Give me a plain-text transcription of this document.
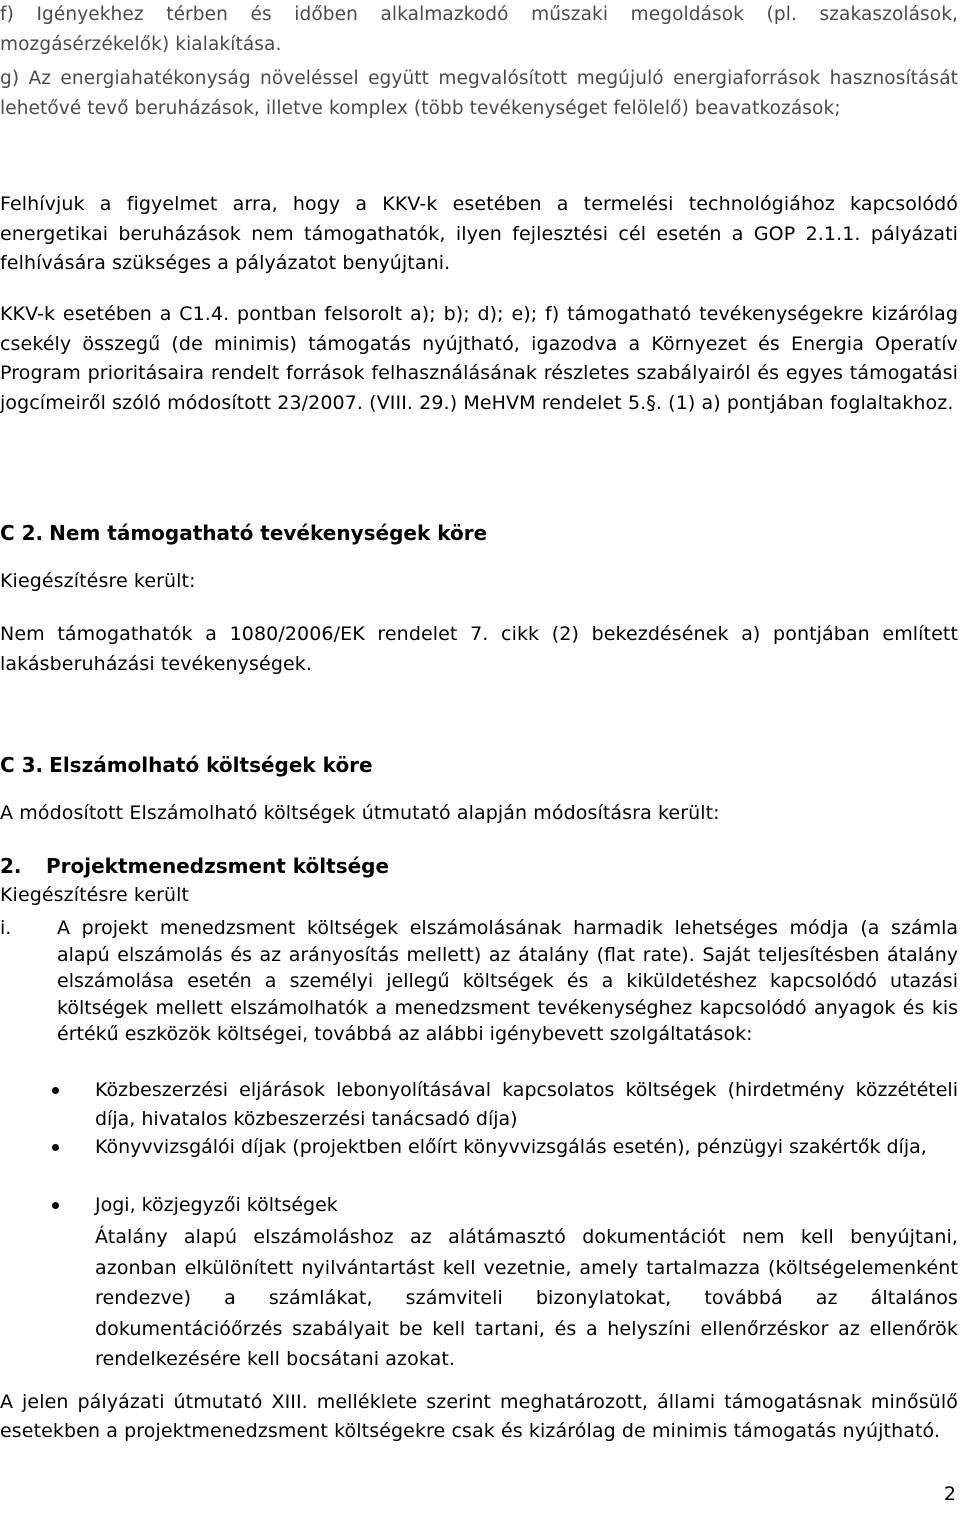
f) Igényekhez térben és időben alkalmazkodó műszaki megoldások (pl. szakaszolások, mozgásérzékelők) kialakítása.

g) Az energiahatékonyság növeléssel együtt megvalósított megújuló energiaforrások hasznosítását lehetővé tevő beruházások, illetve komplex (több tevékenységet felölelő) beavatkozások;

Felhívjuk a figyelmet arra, hogy a KKV-k esetében a termelési technológiához kapcsolódó energetikai beruházások nem támogathatók, ilyen fejlesztési cél esetén a GOP 2.1.1. pályázati felhívására szükséges a pályázatot benyújtani.

KKV-k esetében a C1.4. pontban felsorolt a); b); d); e); f) támogatható tevékenységekre kizárólag csekély összegű (de minimis) támogatás nyújtható, igazodva a Környezet és Energia Operatív Program prioritásaira rendelt források felhasználásának részletes szabályairól és egyes támogatási jogcímeiről szóló módosított 23/2007. (VIII. 29.) MeHVM rendelet 5.§. (1) a) pontjában foglaltakhoz.

C 2. Nem támogatható tevékenységek köre

Kiegészítésre került:

Nem támogathatók a 1080/2006/EK rendelet 7. cikk (2) bekezdésének a) pontjában említett lakásberuházási tevékenységek.

C 3. Elszámolható költségek köre

A módosított Elszámolható költségek útmutató alapján módosításra került:

2. Projektmenedzsment költsége

Kiegészítésre került

i. A projekt menedzsment költségek elszámolásának harmadik lehetséges módja (a számla alapú elszámolás és az arányosítás mellett) az átalány (flat rate). Saját teljesítésben átalány elszámolása esetén a személyi jellegű költségek és a kiküldetéshez kapcsolódó utazási költségek mellett elszámolhatók a menedzsment tevékenységhez kapcsolódó anyagok és kis értékű eszközök költségei, továbbá az alábbi igénybevett szolgáltatások:
Közbeszerzési eljárások lebonyolításával kapcsolatos költségek (hirdetmény közzétételi díja, hivatalos közbeszerzési tanácsadó díja)
Könyvvizsgálói díjak (projektben előírt könyvvizsgálás esetén), pénzügyi szakértők díja,
Jogi, közjegyzői költségek

Átalány alapú elszámoláshoz az alátámasztó dokumentációt nem kell benyújtani, azonban elkülönített nyilvántartást kell vezetnie, amely tartalmazza (költségelemenként rendezve) a számlákat, számviteli bizonylatokat, továbbá az általános dokumentációőrzés szabályait be kell tartani, és a helyszíni ellenőrzéskor az ellenőrök rendelkezésére kell bocsátani azokat.

A jelen pályázati útmutató XIII. melléklete szerint meghatározott, állami támogatásnak minősülő esetekben a projektmenedzsment költségekre csak és kizárólag de minimis támogatás nyújtható.

2
